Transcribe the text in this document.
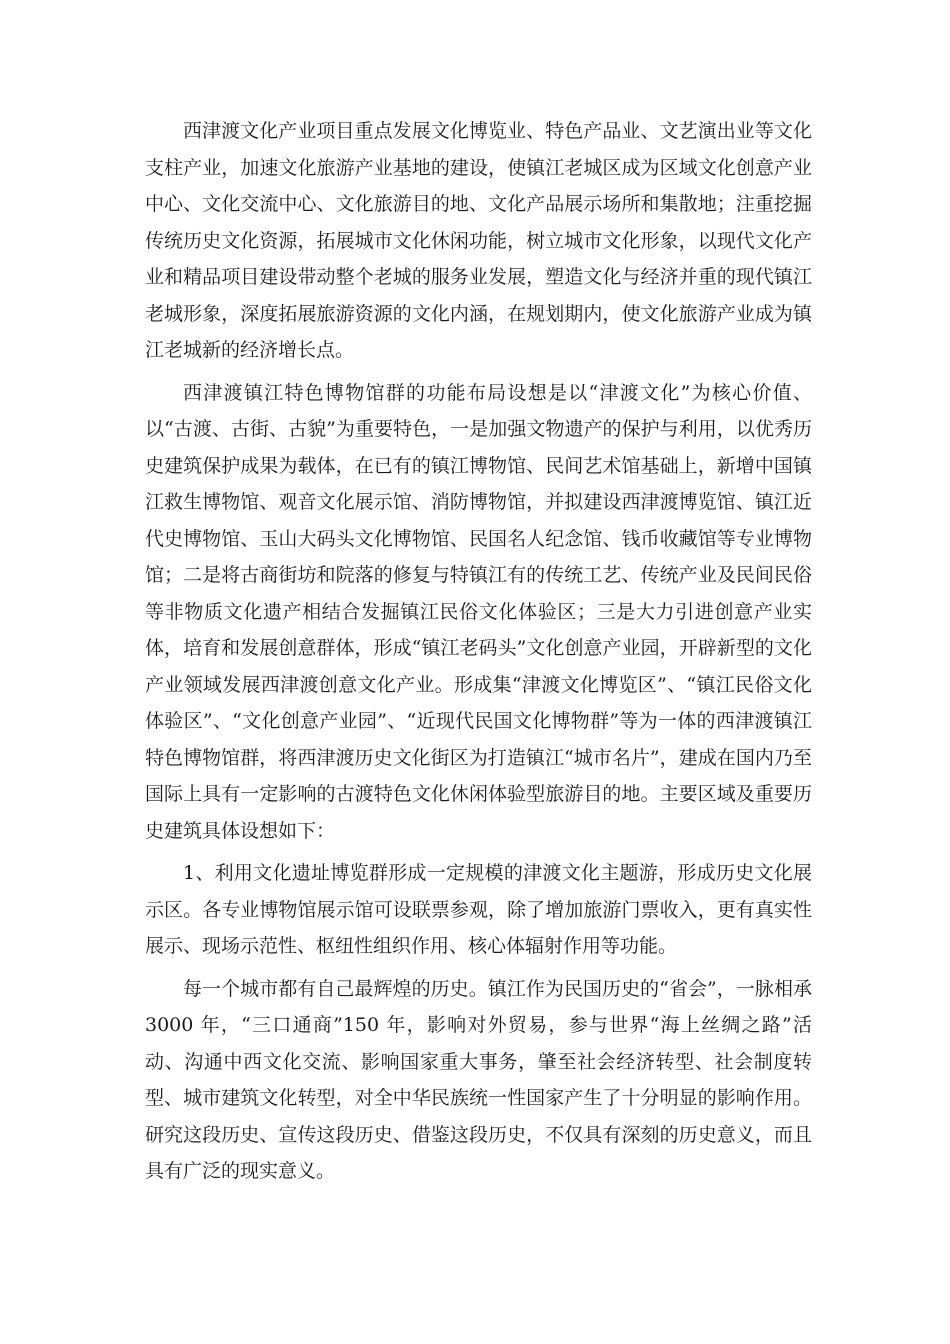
西津渡文化产业项目重点发展文化博览业、特色产品业、文艺演出业等文化支柱产业，加速文化旅游产业基地的建设，使镇江老城区成为区域文化创意产业中心、文化交流中心、文化旅游目的地、文化产品展示场所和集散地；注重挖掘传统历史文化资源，拓展城市文化休闲功能，树立城市文化形象，以现代文化产业和精品项目建设带动整个老城的服务业发展，塑造文化与经济并重的现代镇江老城形象，深度拓展旅游资源的文化内涵，在规划期内，使文化旅游产业成为镇江老城新的经济增长点。

西津渡镇江特色博物馆群的功能布局设想是以“津渡文化”为核心价值、以“古渡、古街、古貌”为重要特色，一是加强文物遗产的保护与利用，以优秀历史建筑保护成果为载体，在已有的镇江博物馆、民间艺术馆基础上，新增中国镇江救生博物馆、观音文化展示馆、消防博物馆，并拟建设西津渡博览馆、镇江近代史博物馆、玉山大码头文化博物馆、民国名人纪念馆、钱币收藏馆等专业博物馆；二是将古商街坊和院落的修复与特镇江有的传统工艺、传统产业及民间民俗等非物质文化遗产相结合发掘镇江民俗文化体验区；三是大力引进创意产业实体，培育和发展创意群体，形成“镇江老码头”文化创意产业园，开辟新型的文化产业领域发展西津渡创意文化产业。形成集“津渡文化博览区”、“镇江民俗文化体验区”、“文化创意产业园”、“近现代民国文化博物群”等为一体的西津渡镇江特色博物馆群，将西津渡历史文化街区为打造镇江“城市名片”，建成在国内乃至国际上具有一定影响的古渡特色文化休闲体验型旅游目的地。主要区域及重要历史建筑具体设想如下：

1、利用文化遗址博览群形成一定规模的津渡文化主题游，形成历史文化展示区。各专业博物馆展示馆可设联票参观，除了增加旅游门票收入，更有真实性展示、现场示范性、枢纽性组织作用、核心体辐射作用等功能。

每一个城市都有自己最辉煌的历史。镇江作为民国历史的“省会”，一脉相承 3000 年，“三口通商”150 年，影响对外贸易，参与世界“海上丝绸之路”活动、沟通中西文化交流、影响国家重大事务，肇至社会经济转型、社会制度转型、城市建筑文化转型，对全中华民族统一性国家产生了十分明显的影响作用。研究这段历史、宣传这段历史、借鉴这段历史，不仅具有深刻的历史意义，而且具有广泛的现实意义。
